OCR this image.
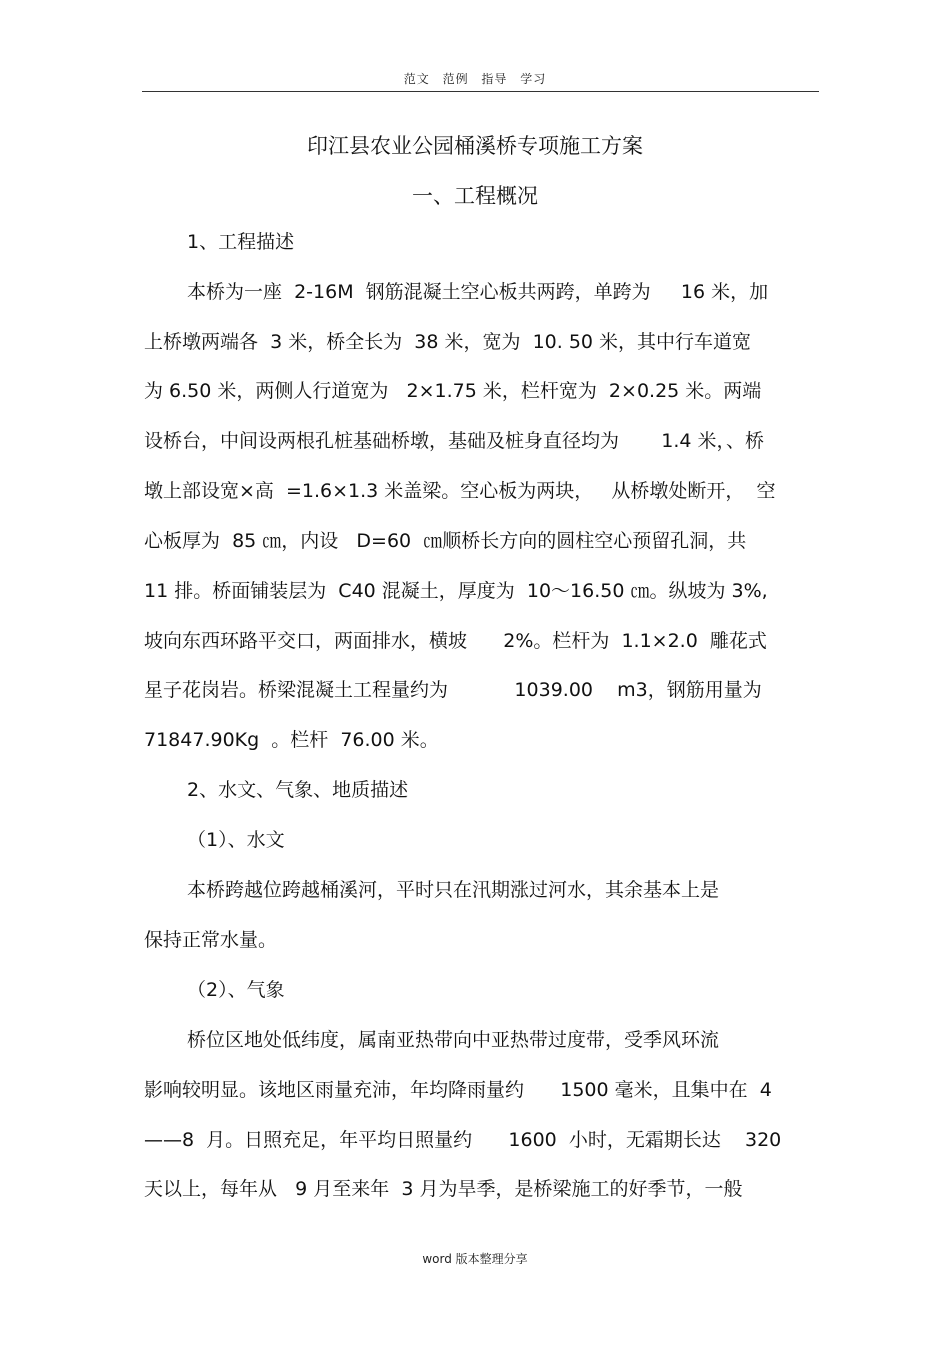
范文 范例 指导 学习
印江县农业公园桶溪桥专项施工方案
一、工程概况
1、工程描述
本桥为一座  2-16M  钢筋混凝土空心板共两跨，单跨为     16 米，加
上桥墩两端各  3 米，桥全长为  38 米，宽为  10. 50 米，其中行车道宽
为 6.50 米，两侧人行道宽为   2×1.75 米，栏杆宽为  2×0.25 米。两端
设桥台，中间设两根孔桩基础桥墩，基础及桩身直径均为       1.4 米，、桥
墩上部设宽×高  =1.6×1.3 米盖梁。空心板为两块，   从桥墩处断开，  空
心板厚为  85 ㎝，内设   D=60  ㎝顺桥长方向的圆柱空心预留孔洞，共
11 排。桥面铺装层为  C40 混凝土，厚度为  10～16.50 ㎝。纵坡为 3%,
坡向东西环路平交口，两面排水，横坡      2%。栏杆为  1.1×2.0  雕花式
星子花岗岩。桥梁混凝土工程量约为           1039.00    m3，钢筋用量为
71847.90Kg  。栏杆  76.00 米。
2、水文、气象、地质描述
（1）、水文
本桥跨越位跨越桶溪河，平时只在汛期涨过河水，其余基本上是
保持正常水量。
（2）、气象
桥位区地处低纬度，属南亚热带向中亚热带过度带，受季风环流
影响较明显。该地区雨量充沛，年均降雨量约      1500 毫米，且集中在  4
——8  月。日照充足，年平均日照量约      1600  小时，无霜期长达    320
天以上，每年从   9 月至来年  3 月为旱季，是桥梁施工的好季节，一般
word 版本整理分享
